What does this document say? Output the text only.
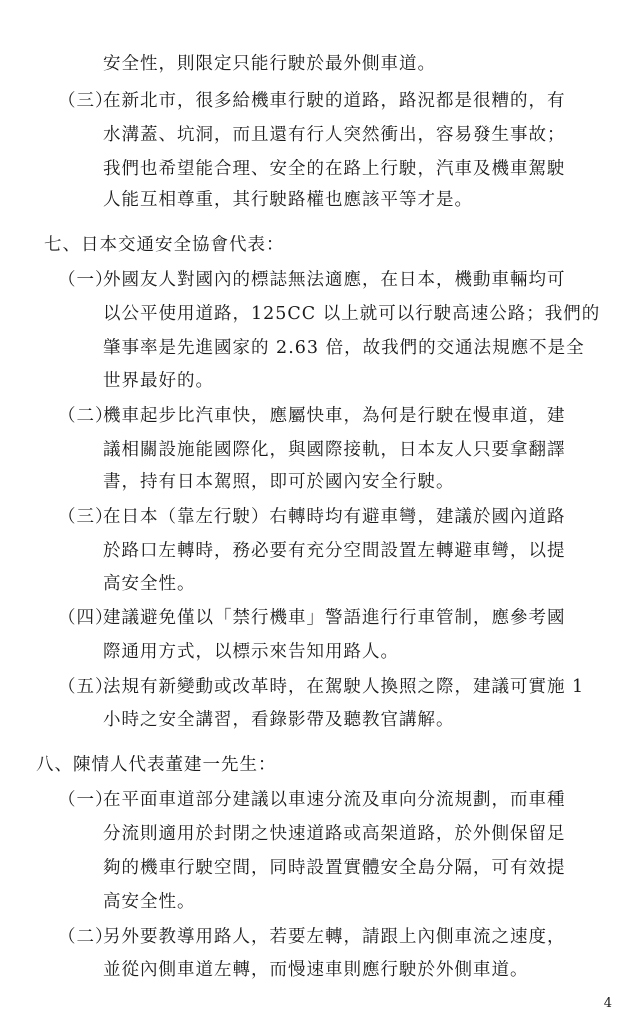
安全性，則限定只能行駛於最外側車道。
（三）
在新北市，很多給機車行駛的道路，路況都是很糟的，有
水溝蓋、坑洞，而且還有行人突然衝出，容易發生事故；
我們也希望能合理、安全的在路上行駛，汽車及機車駕駛
人能互相尊重，其行駛路權也應該平等才是。
七、日本交通安全協會代表：
（一）
外國友人對國內的標誌無法適應，在日本，機動車輛均可
以公平使用道路，125CC 以上就可以行駛高速公路；我們的
肇事率是先進國家的 2.63 倍，故我們的交通法規應不是全
世界最好的。
（二）
機車起步比汽車快，應屬快車，為何是行駛在慢車道，建
議相關設施能國際化，與國際接軌，日本友人只要拿翻譯
書，持有日本駕照，即可於國內安全行駛。
（三）
在日本（靠左行駛）右轉時均有避車彎，建議於國內道路
於路口左轉時，務必要有充分空間設置左轉避車彎，以提
高安全性。
（四）
建議避免僅以「禁行機車」警語進行行車管制，應參考國
際通用方式，以標示來告知用路人。
（五）
法規有新變動或改革時，在駕駛人換照之際，建議可實施 1
小時之安全講習，看錄影帶及聽教官講解。
八、陳情人代表董建一先生：
（一）
在平面車道部分建議以車速分流及車向分流規劃，而車種
分流則適用於封閉之快速道路或高架道路，於外側保留足
夠的機車行駛空間，同時設置實體安全島分隔，可有效提
高安全性。
（二）
另外要教導用路人，若要左轉，請跟上內側車流之速度，
並從內側車道左轉，而慢速車則應行駛於外側車道。
4
